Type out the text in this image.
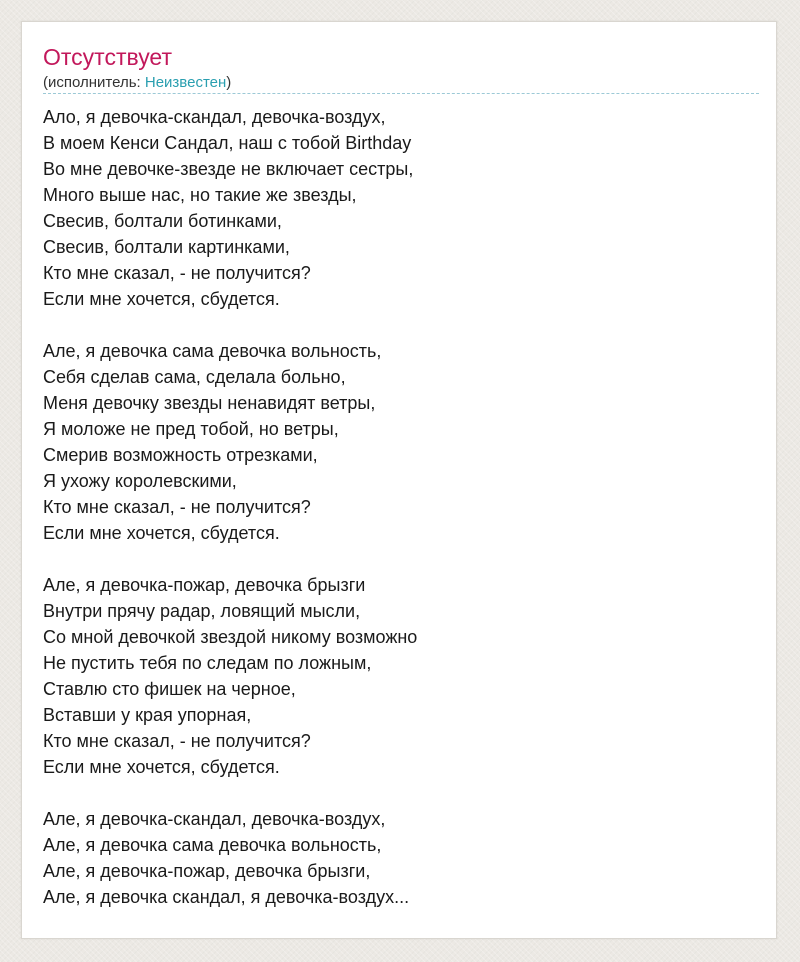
Отсутствует
(исполнитель: Неизвестен)
Ало, я девочка-скандал, девочка-воздух,
В моем Кенси Сандал, наш с тобой Birthday
Во мне девочке-звезде не включает сестры,
Много выше нас, но такие же звезды,
Свесив, болтали ботинками,
Свесив, болтали картинками,
Кто мне сказал, - не получится?
Если мне хочется, сбудется.
Але, я девочка сама девочка вольность,
Себя сделав сама, сделала больно,
Меня девочку звезды ненавидят ветры,
Я моложе не пред тобой, но ветры,
Смерив возможность отрезками,
Я ухожу королевскими,
Кто мне сказал, - не получится?
Если мне хочется, сбудется.
Але, я девочка-пожар, девочка брызги
Внутри прячу радар, ловящий мысли,
Со мной девочкой звездой никому возможно
Не пустить тебя по следам по ложным,
Ставлю сто фишек на черное,
Вставши у края упорная,
Кто мне сказал, - не получится?
Если мне хочется, сбудется.
Але, я девочка-скандал, девочка-воздух,
Але, я девочка сама девочка вольность,
Але, я девочка-пожар, девочка брызги,
Але, я девочка скандал, я девочка-воздух...
